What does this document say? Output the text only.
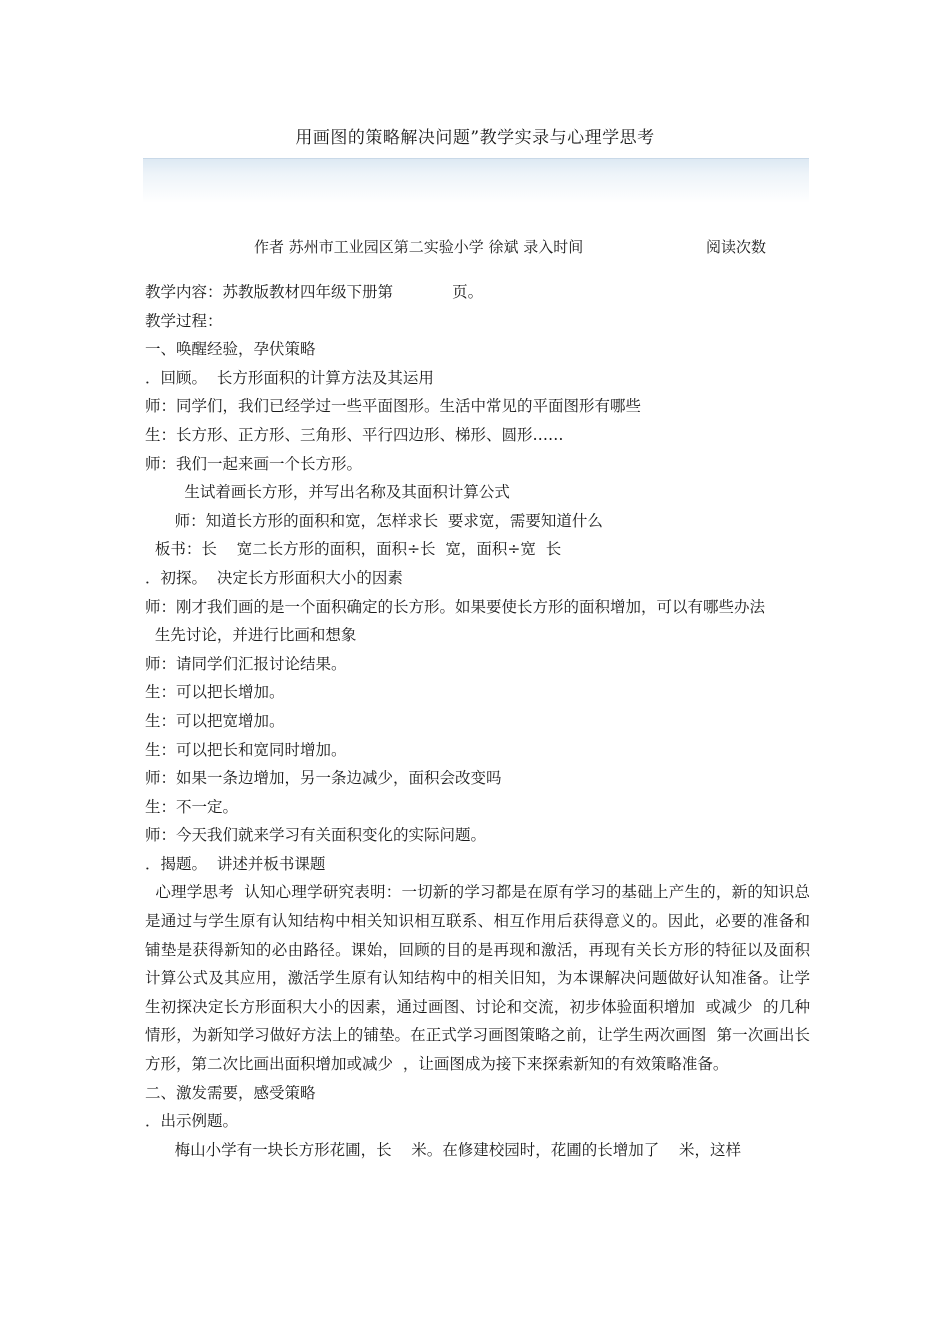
用画图的策略解决问题”教学实录与心理学思考
作者 苏州市工业园区第二实验小学 徐斌 录入时间	阅读次数

教学内容：苏教版教材四年级下册第            页。

教学过程：

一、唤醒经验，孕伏策略

．回顾。  长方形面积的计算方法及其运用

师：同学们，我们已经学过一些平面图形。生活中常见的平面图形有哪些

生：长方形、正方形、三角形、平行四边形、梯形、圆形……

师：我们一起来画一个长方形。

生试着画长方形，并写出名称及其面积计算公式

师：知道长方形的面积和宽，怎样求长  要求宽，需要知道什么

板书：长    宽二长方形的面积，面积÷长  宽，面积÷宽  长

．初探。  决定长方形面积大小的因素

师：刚才我们画的是一个面积确定的长方形。如果要使长方形的面积增加，可以有哪些办法

生先讨论，并进行比画和想象

师：请同学们汇报讨论结果。

生：可以把长增加。

生：可以把宽增加。

生：可以把长和宽同时增加。

师：如果一条边增加，另一条边减少，面积会改变吗

生：不一定。

师：今天我们就来学习有关面积变化的实际问题。

．揭题。  讲述并板书课题

心理学思考  认知心理学研究表明：一切新的学习都是在原有学习的基础上产生的，新的知识总是通过与学生原有认知结构中相关知识相互联系、相互作用后获得意义的。因此，必要的准备和铺垫是获得新知的必由路径。课始，回顾的目的是再现和激活，再现有关长方形的特征以及面积计算公式及其应用，激活学生原有认知结构中的相关旧知，为本课解决问题做好认知准备。让学生初探决定长方形面积大小的因素，通过画图、讨论和交流，初步体验面积增加  或减少  的几种情形，为新知学习做好方法上的铺垫。在正式学习画图策略之前，让学生两次画图  第一次画出长方形，第二次比画出面积增加或减少  ，让画图成为接下来探索新知的有效策略准备。

二、激发需要，感受策略

．出示例题。

梅山小学有一块长方形花圃，长    米。在修建校园时，花圃的长增加了    米，这样
